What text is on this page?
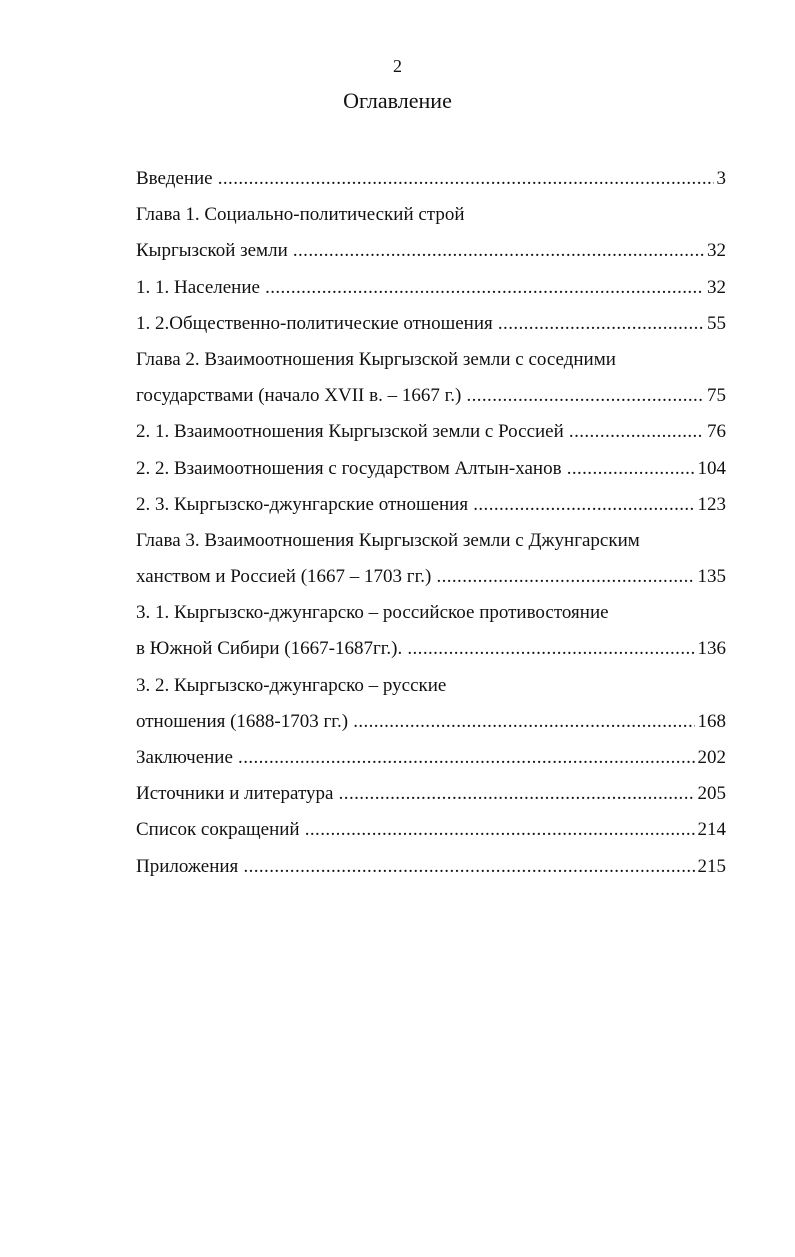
2
Оглавление
Введение .....	3
Глава 1. Социально-политический строй
Кыргызской земли .....	32
1. 1. Население .....	32
1. 2.Общественно-политические отношения .....	55
Глава 2. Взаимоотношения Кыргызской земли с соседними
государствами (начало XVII в. – 1667 г.) .....	75
2. 1. Взаимоотношения Кыргызской земли с Россией .....	76
2. 2. Взаимоотношения с государством Алтын-ханов .....	104
2. 3. Кыргызско-джунгарские отношения .....	123
Глава 3. Взаимоотношения Кыргызской земли с Джунгарским
ханством и Россией (1667 – 1703 гг.) .....	135
3. 1. Кыргызско-джунгарско – российское противостояние
в Южной Сибири (1667-1687гг.). .....	136
3. 2. Кыргызско-джунгарско – русские
отношения (1688-1703 гг.) .....	168
Заключение .....	202
Источники и литература .....	205
Список сокращений .....	214
Приложения .....	215
